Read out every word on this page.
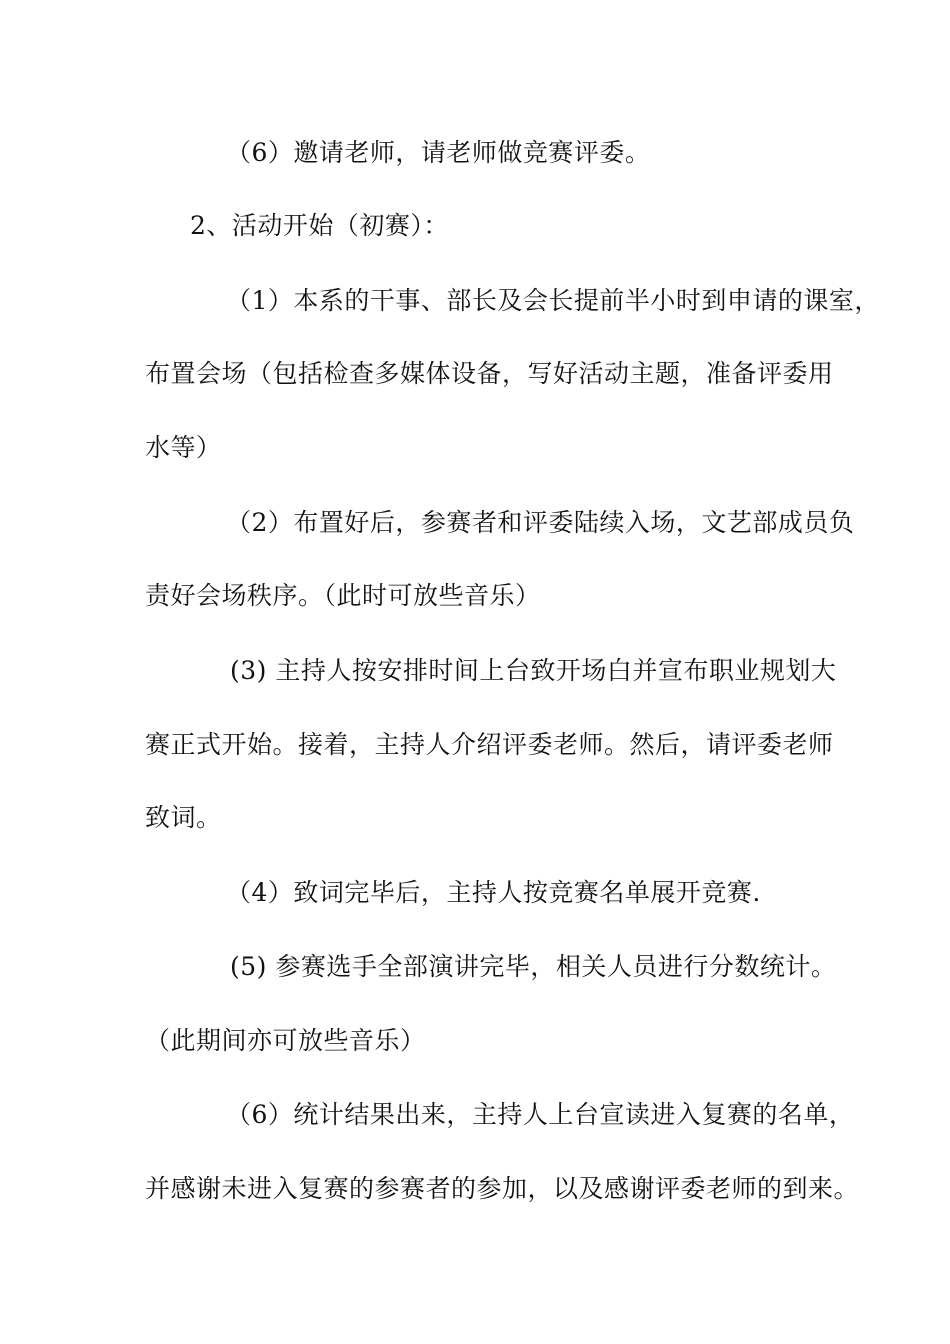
（6）邀请老师，请老师做竞赛评委。
2、活动开始（初赛）：
（1）本系的干事、部长及会长提前半小时到申请的课室，
布置会场（包括检查多媒体设备，写好活动主题，准备评委用
水等）
（2）布置好后，参赛者和评委陆续入场，文艺部成员负
责好会场秩序。（此时可放些音乐）
(3) 主持人按安排时间上台致开场白并宣布职业规划大
赛正式开始。接着，主持人介绍评委老师。然后，请评委老师
致词。
（4）致词完毕后，主持人按竞赛名单展开竞赛.
(5) 参赛选手全部演讲完毕，相关人员进行分数统计。
（此期间亦可放些音乐）
（6）统计结果出来，主持人上台宣读进入复赛的名单，
并感谢未进入复赛的参赛者的参加，以及感谢评委老师的到来。
